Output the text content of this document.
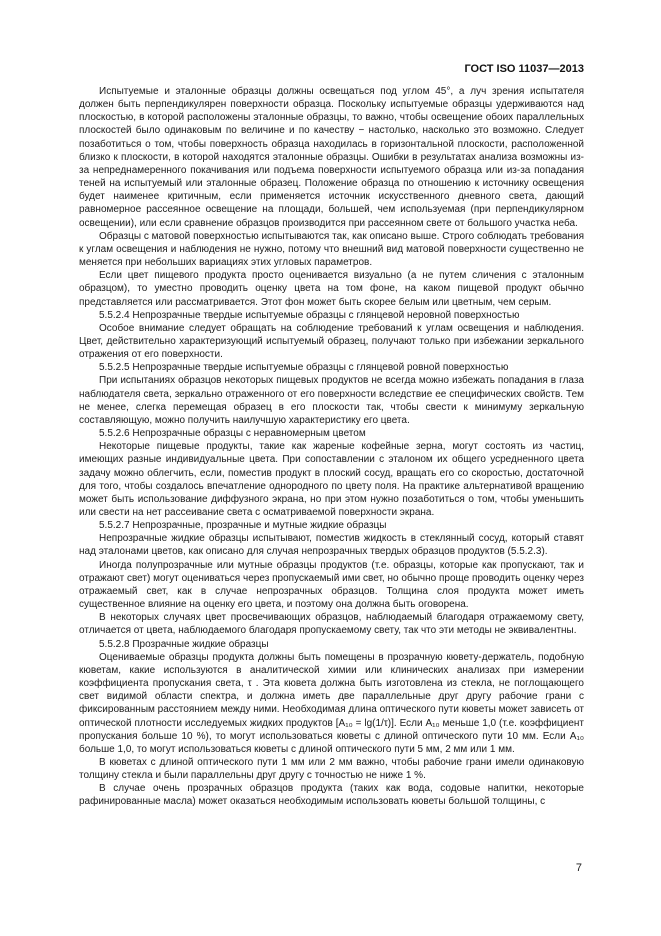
ГОСТ ISO 11037—2013

Испытуемые и эталонные образцы должны освещаться под углом 45°, а луч зрения испытателя должен быть перпендикулярен поверхности образца. Поскольку испытуемые образцы удерживаются над плоскостью, в которой расположены эталонные образцы, то важно, чтобы освещение обоих параллельных плоскостей было одинаковым по величине и по качеству − настолько, насколько это возможно. Следует позаботиться о том, чтобы поверхность образца находилась в горизонтальной плоскости, расположенной близко к плоскости, в которой находятся эталонные образцы. Ошибки в результатах анализа возможны из-за непреднамеренного покачивания или подъема поверхности испытуемого образца или из-за попадания теней на испытуемый или эталонные образец. Положение образца по отношению к источнику освещения будет наименее критичным, если применяется источник искусственного дневного света, дающий равномерное рассеянное освещение на площади, большей, чем используемая (при перпендикулярном освещении), или если сравнение образцов производится при рассеянном свете от большого участка неба.

Образцы с матовой поверхностью испытываются так, как описано выше. Строго соблюдать требования к углам освещения и наблюдения не нужно, потому что внешний вид матовой поверхности существенно не меняется при небольших вариациях этих угловых параметров.

Если цвет пищевого продукта просто оценивается визуально (а не путем сличения с эталонным образцом), то уместно проводить оценку цвета на том фоне, на каком пищевой продукт обычно представляется или рассматривается. Этот фон может быть скорее белым или цветным, чем серым.

5.5.2.4 Непрозрачные твердые испытуемые образцы с глянцевой неровной поверхностью

Особое внимание следует обращать на соблюдение требований к углам освещения и наблюдения. Цвет, действительно характеризующий испытуемый образец, получают только при избежании зеркального отражения от его поверхности.

5.5.2.5 Непрозрачные твердые испытуемые образцы с глянцевой ровной поверхностью

При испытаниях образцов некоторых пищевых продуктов не всегда можно избежать попадания в глаза наблюдателя света, зеркально отраженного от его поверхности вследствие ее специфических свойств. Тем не менее, слегка перемещая образец в его плоскости так, чтобы свести к минимуму зеркальную составляющую, можно получить наилучшую характеристику его цвета.

5.5.2.6 Непрозрачные образцы с неравномерным цветом

Некоторые пищевые продукты, такие как жареные кофейные зерна, могут состоять из частиц, имеющих разные индивидуальные цвета. При сопоставлении с эталоном их общего усредненного цвета задачу можно облегчить, если, поместив продукт в плоский сосуд, вращать его со скоростью, достаточной для того, чтобы создалось впечатление однородного по цвету поля. На практике альтернативой вращению может быть использование диффузного экрана, но при этом нужно позаботиться о том, чтобы уменьшить или свести на нет рассеивание света с осматриваемой поверхности экрана.

5.5.2.7 Непрозрачные, прозрачные и мутные жидкие образцы

Непрозрачные жидкие образцы испытывают, поместив жидкость в стеклянный сосуд, который ставят над эталонами цветов, как описано для случая непрозрачных твердых образцов продуктов (5.5.2.3).

Иногда полупрозрачные или мутные образцы продуктов (т.е. образцы, которые как пропускают, так и отражают свет) могут оцениваться через пропускаемый ими свет, но обычно проще проводить оценку через отражаемый свет, как в случае непрозрачных образцов. Толщина слоя продукта может иметь существенное влияние на оценку его цвета, и поэтому она должна быть оговорена.

В некоторых случаях цвет просвечивающих образцов, наблюдаемый благодаря отражаемому свету, отличается от цвета, наблюдаемого благодаря пропускаемому свету, так что эти методы не эквивалентны.

5.5.2.8 Прозрачные жидкие образцы

Оцениваемые образцы продукта должны быть помещены в прозрачную кювету-держатель, подобную кюветам, какие используются в аналитической химии или клинических анализах при измерении коэффициента пропускания света, τ . Эта кювета должна быть изготовлена из стекла, не поглощающего свет видимой области спектра, и должна иметь две параллельные друг другу рабочие грани с фиксированным расстоянием между ними. Необходимая длина оптического пути кюветы может зависеть от оптической плотности исследуемых жидких продуктов [A₁₀ = lg(1/τ)]. Если A₁₀ меньше 1,0 (т.е. коэффициент пропускания больше 10 %), то могут использоваться кюветы с длиной оптического пути 10 мм. Если A₁₀ больше 1,0, то могут использоваться кюветы с длиной оптического пути 5 мм, 2 мм или 1 мм.

В кюветах с длиной оптического пути 1 мм или 2 мм важно, чтобы рабочие грани имели одинаковую толщину стекла и были параллельны друг другу с точностью не ниже 1 %.

В случае очень прозрачных образцов продукта (таких как вода, содовые напитки, некоторые рафинированные масла) может оказаться необходимым использовать кюветы большой толщины, с

7
